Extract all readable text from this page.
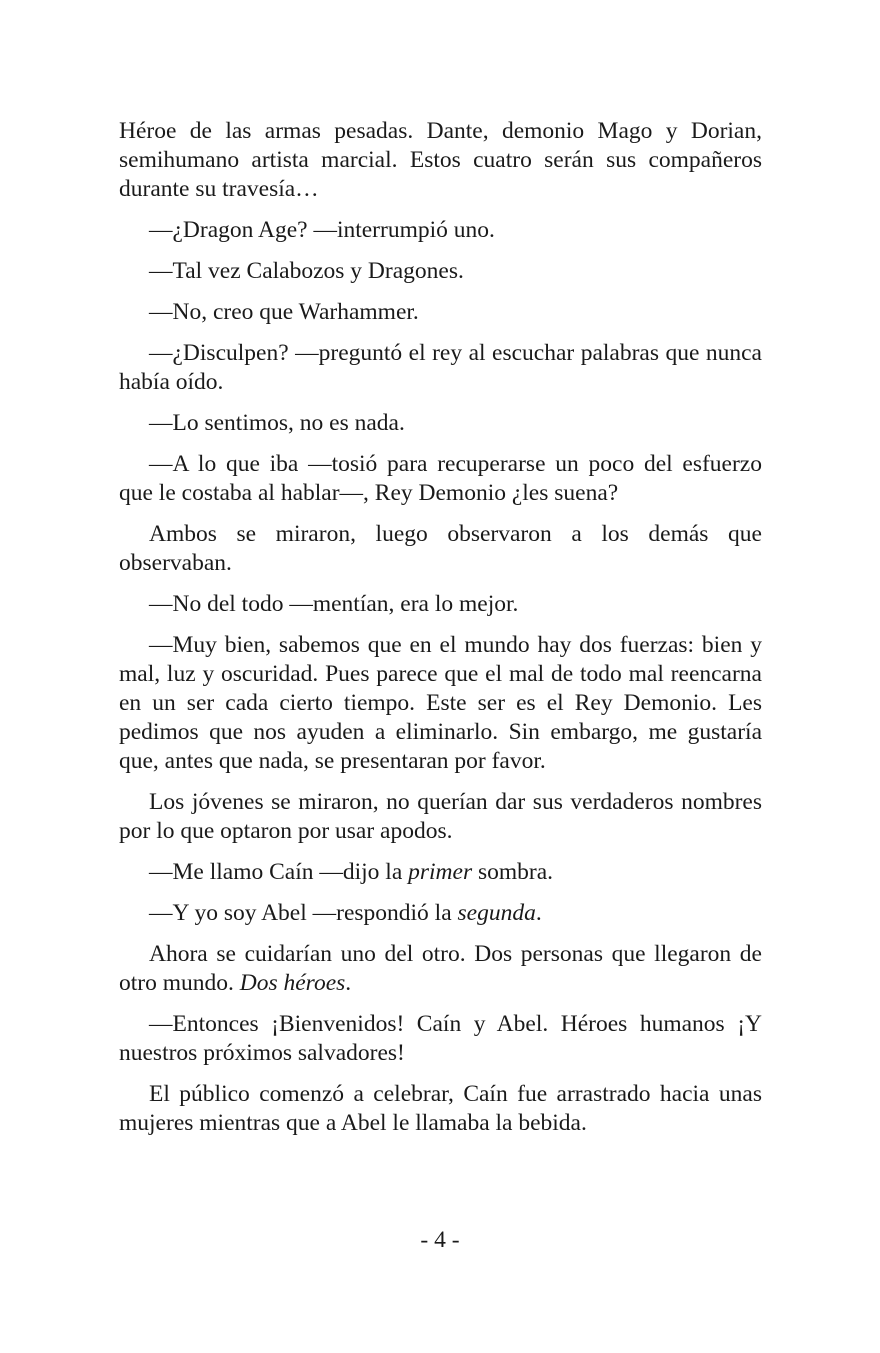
Héroe de las armas pesadas. Dante, demonio Mago y Dorian, semihumano artista marcial. Estos cuatro serán sus compañeros durante su travesía…

—¿Dragon Age? —interrumpió uno.

—Tal vez Calabozos y Dragones.

—No, creo que Warhammer.

—¿Disculpen? —preguntó el rey al escuchar palabras que nunca había oído.

—Lo sentimos, no es nada.

—A lo que iba —tosió para recuperarse un poco del esfuerzo que le costaba al hablar—, Rey Demonio ¿les suena?

Ambos se miraron, luego observaron a los demás que observaban.

—No del todo —mentían, era lo mejor.

—Muy bien, sabemos que en el mundo hay dos fuerzas: bien y mal, luz y oscuridad. Pues parece que el mal de todo mal reencarna en un ser cada cierto tiempo. Este ser es el Rey Demonio. Les pedimos que nos ayuden a eliminarlo. Sin embargo, me gustaría que, antes que nada, se presentaran por favor.

Los jóvenes se miraron, no querían dar sus verdaderos nombres por lo que optaron por usar apodos.

—Me llamo Caín —dijo la primer sombra.

—Y yo soy Abel —respondió la segunda.

Ahora se cuidarían uno del otro. Dos personas que llegaron de otro mundo. Dos héroes.

—Entonces ¡Bienvenidos! Caín y Abel. Héroes humanos ¡Y nuestros próximos salvadores!

El público comenzó a celebrar, Caín fue arrastrado hacia unas mujeres mientras que a Abel le llamaba la bebida.

- 4 -
